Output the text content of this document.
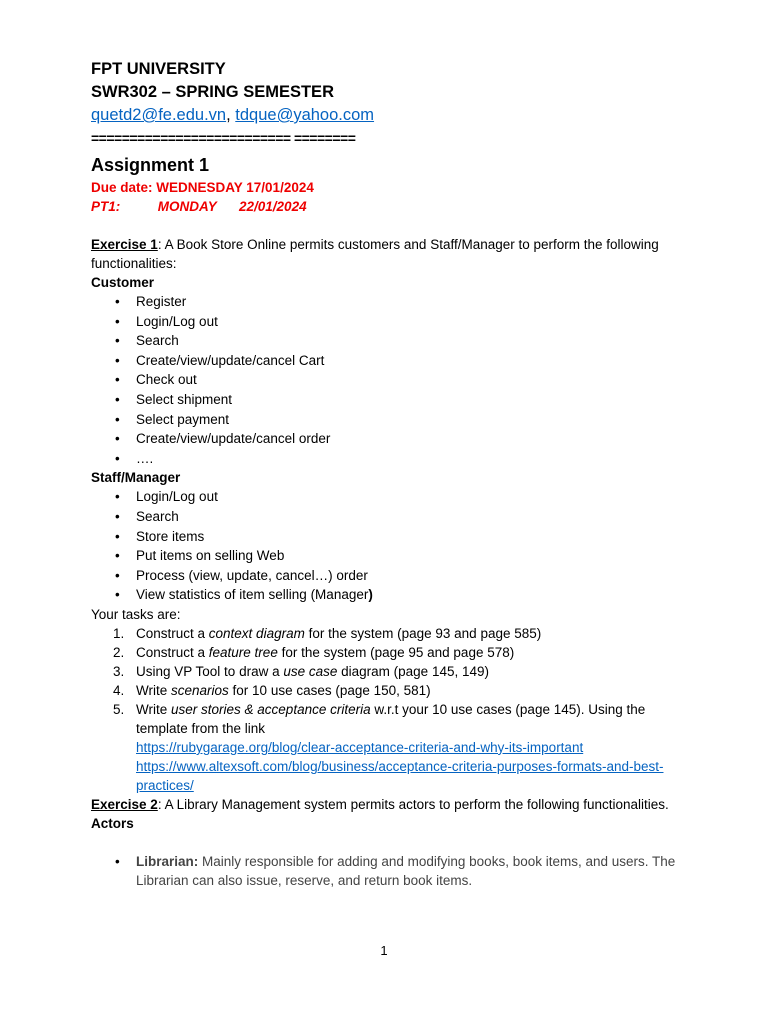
FPT UNIVERSITY
SWR302 – SPRING SEMESTER
quetd2@fe.edu.vn, tdque@yahoo.com
========================== ========
Assignment 1
Due date: WEDNESDAY 17/01/2024
PT1:          MONDAY      22/01/2024
Exercise 1: A Book Store Online permits customers and Staff/Manager to perform the following functionalities:
Customer
• Register
• Login/Log out
• Search
• Create/view/update/cancel Cart
• Check out
• Select shipment
• Select payment
• Create/view/update/cancel order
• ….
Staff/Manager
• Login/Log out
• Search
• Store items
• Put items on selling Web
• Process (view, update, cancel…) order
• View statistics of item selling (Manager)
Your tasks are:
1. Construct a context diagram for the system (page 93 and page 585)
2. Construct a feature tree for the system (page 95 and page 578)
3. Using VP Tool to draw a use case diagram (page 145, 149)
4. Write scenarios for 10 use cases (page 150, 581)
5. Write user stories & acceptance criteria w.r.t your 10 use cases (page 145). Using the template from the link
https://rubygarage.org/blog/clear-acceptance-criteria-and-why-its-important
https://www.altexsoft.com/blog/business/acceptance-criteria-purposes-formats-and-best-practices/
Exercise 2: A Library Management system permits actors to perform the following functionalities.
Actors
• Librarian: Mainly responsible for adding and modifying books, book items, and users. The Librarian can also issue, reserve, and return book items.
1
